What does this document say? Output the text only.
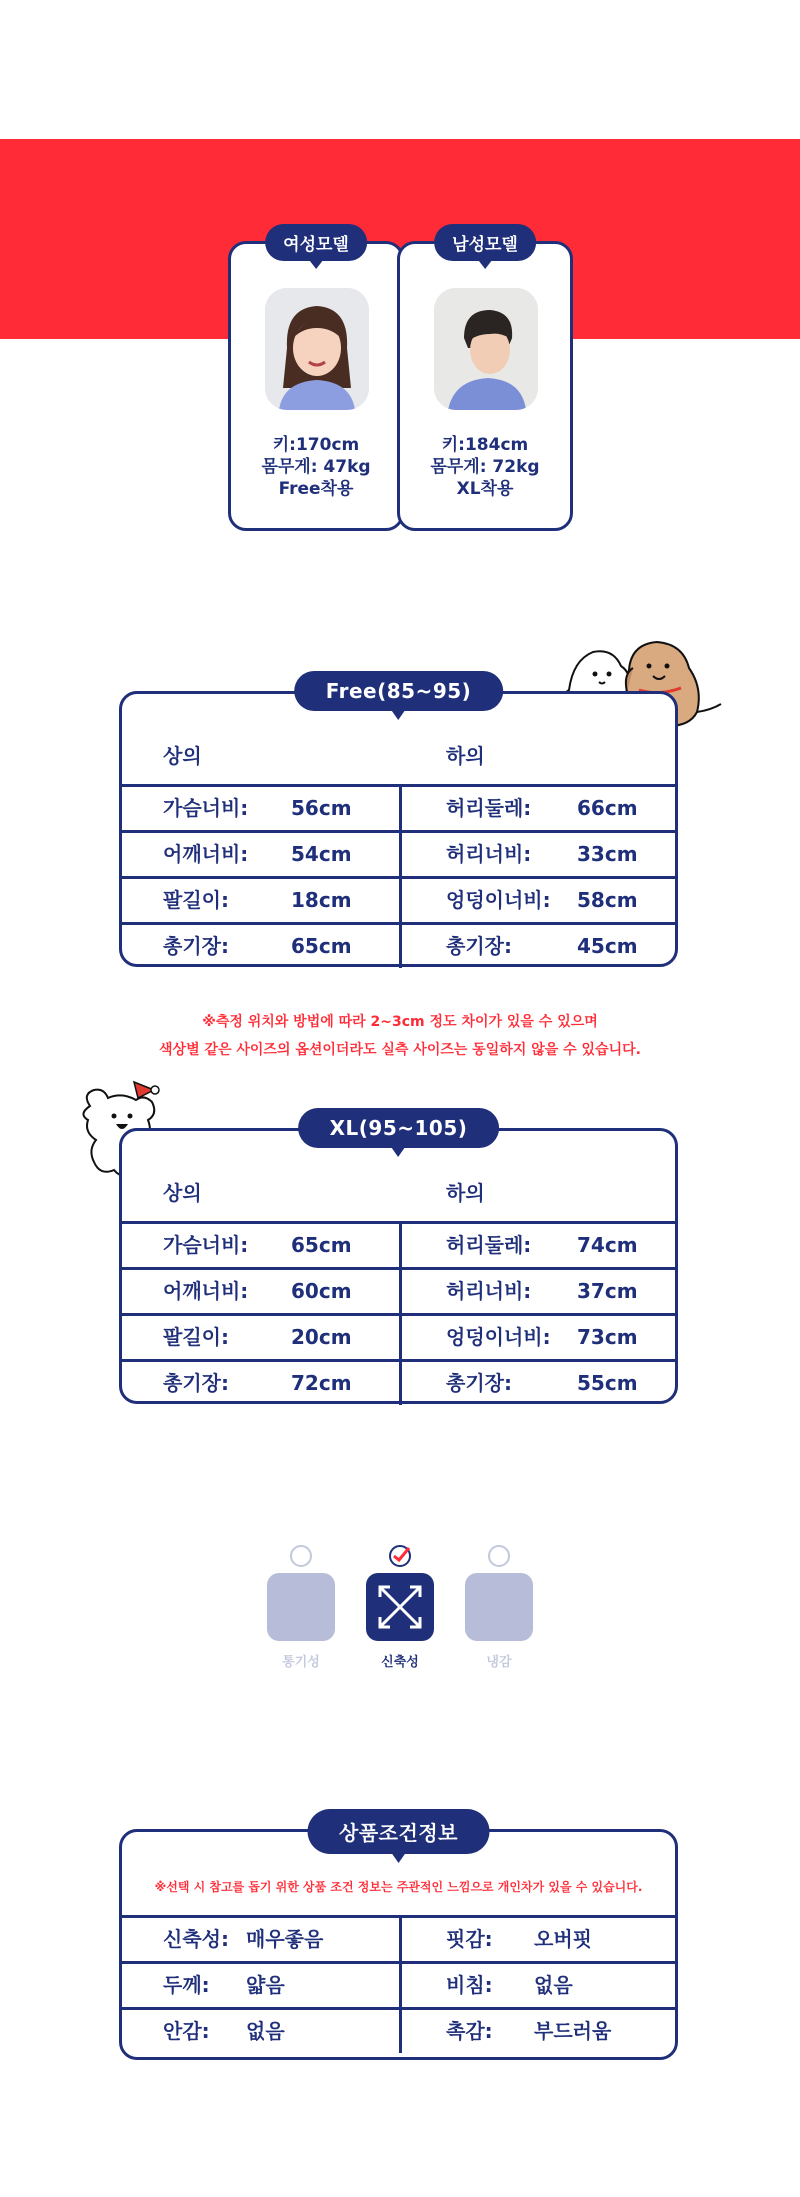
여성모델
키:170cm
몸무게: 47kg
Free착용
남성모델
키:184cm
몸무게: 72kg
XL착용
Free(85~95)
상의	하의
가슴너비: 56cm	허리둘레: 66cm
어깨너비: 54cm	허리너비: 33cm
팔길이:	18cm	엉덩이너비: 58cm
총기장:	65cm	총기장:	45cm
※측정 위치와 방법에 따라 2~3cm 정도 차이가 있을 수 있으며
색상별 같은 사이즈의 옵션이더라도 실측 사이즈는 동일하지 않을 수 있습니다.
XL(95~105)
상의	하의
가슴너비: 65cm	허리둘레: 74cm
어깨너비: 60cm	허리너비: 37cm
팔길이:	20cm	엉덩이너비: 73cm
총기장:	72cm	총기장:	55cm
통기성	신축성	냉감
상품조건정보
※선택 시 참고를 돕기 위한 상품 조건 정보는 주관적인 느낌으로 개인차가 있을 수 있습니다.
신축성: 매우좋음	핏감: 오버핏
두께: 얇음	비침: 없음
안감: 없음	촉감: 부드러움
